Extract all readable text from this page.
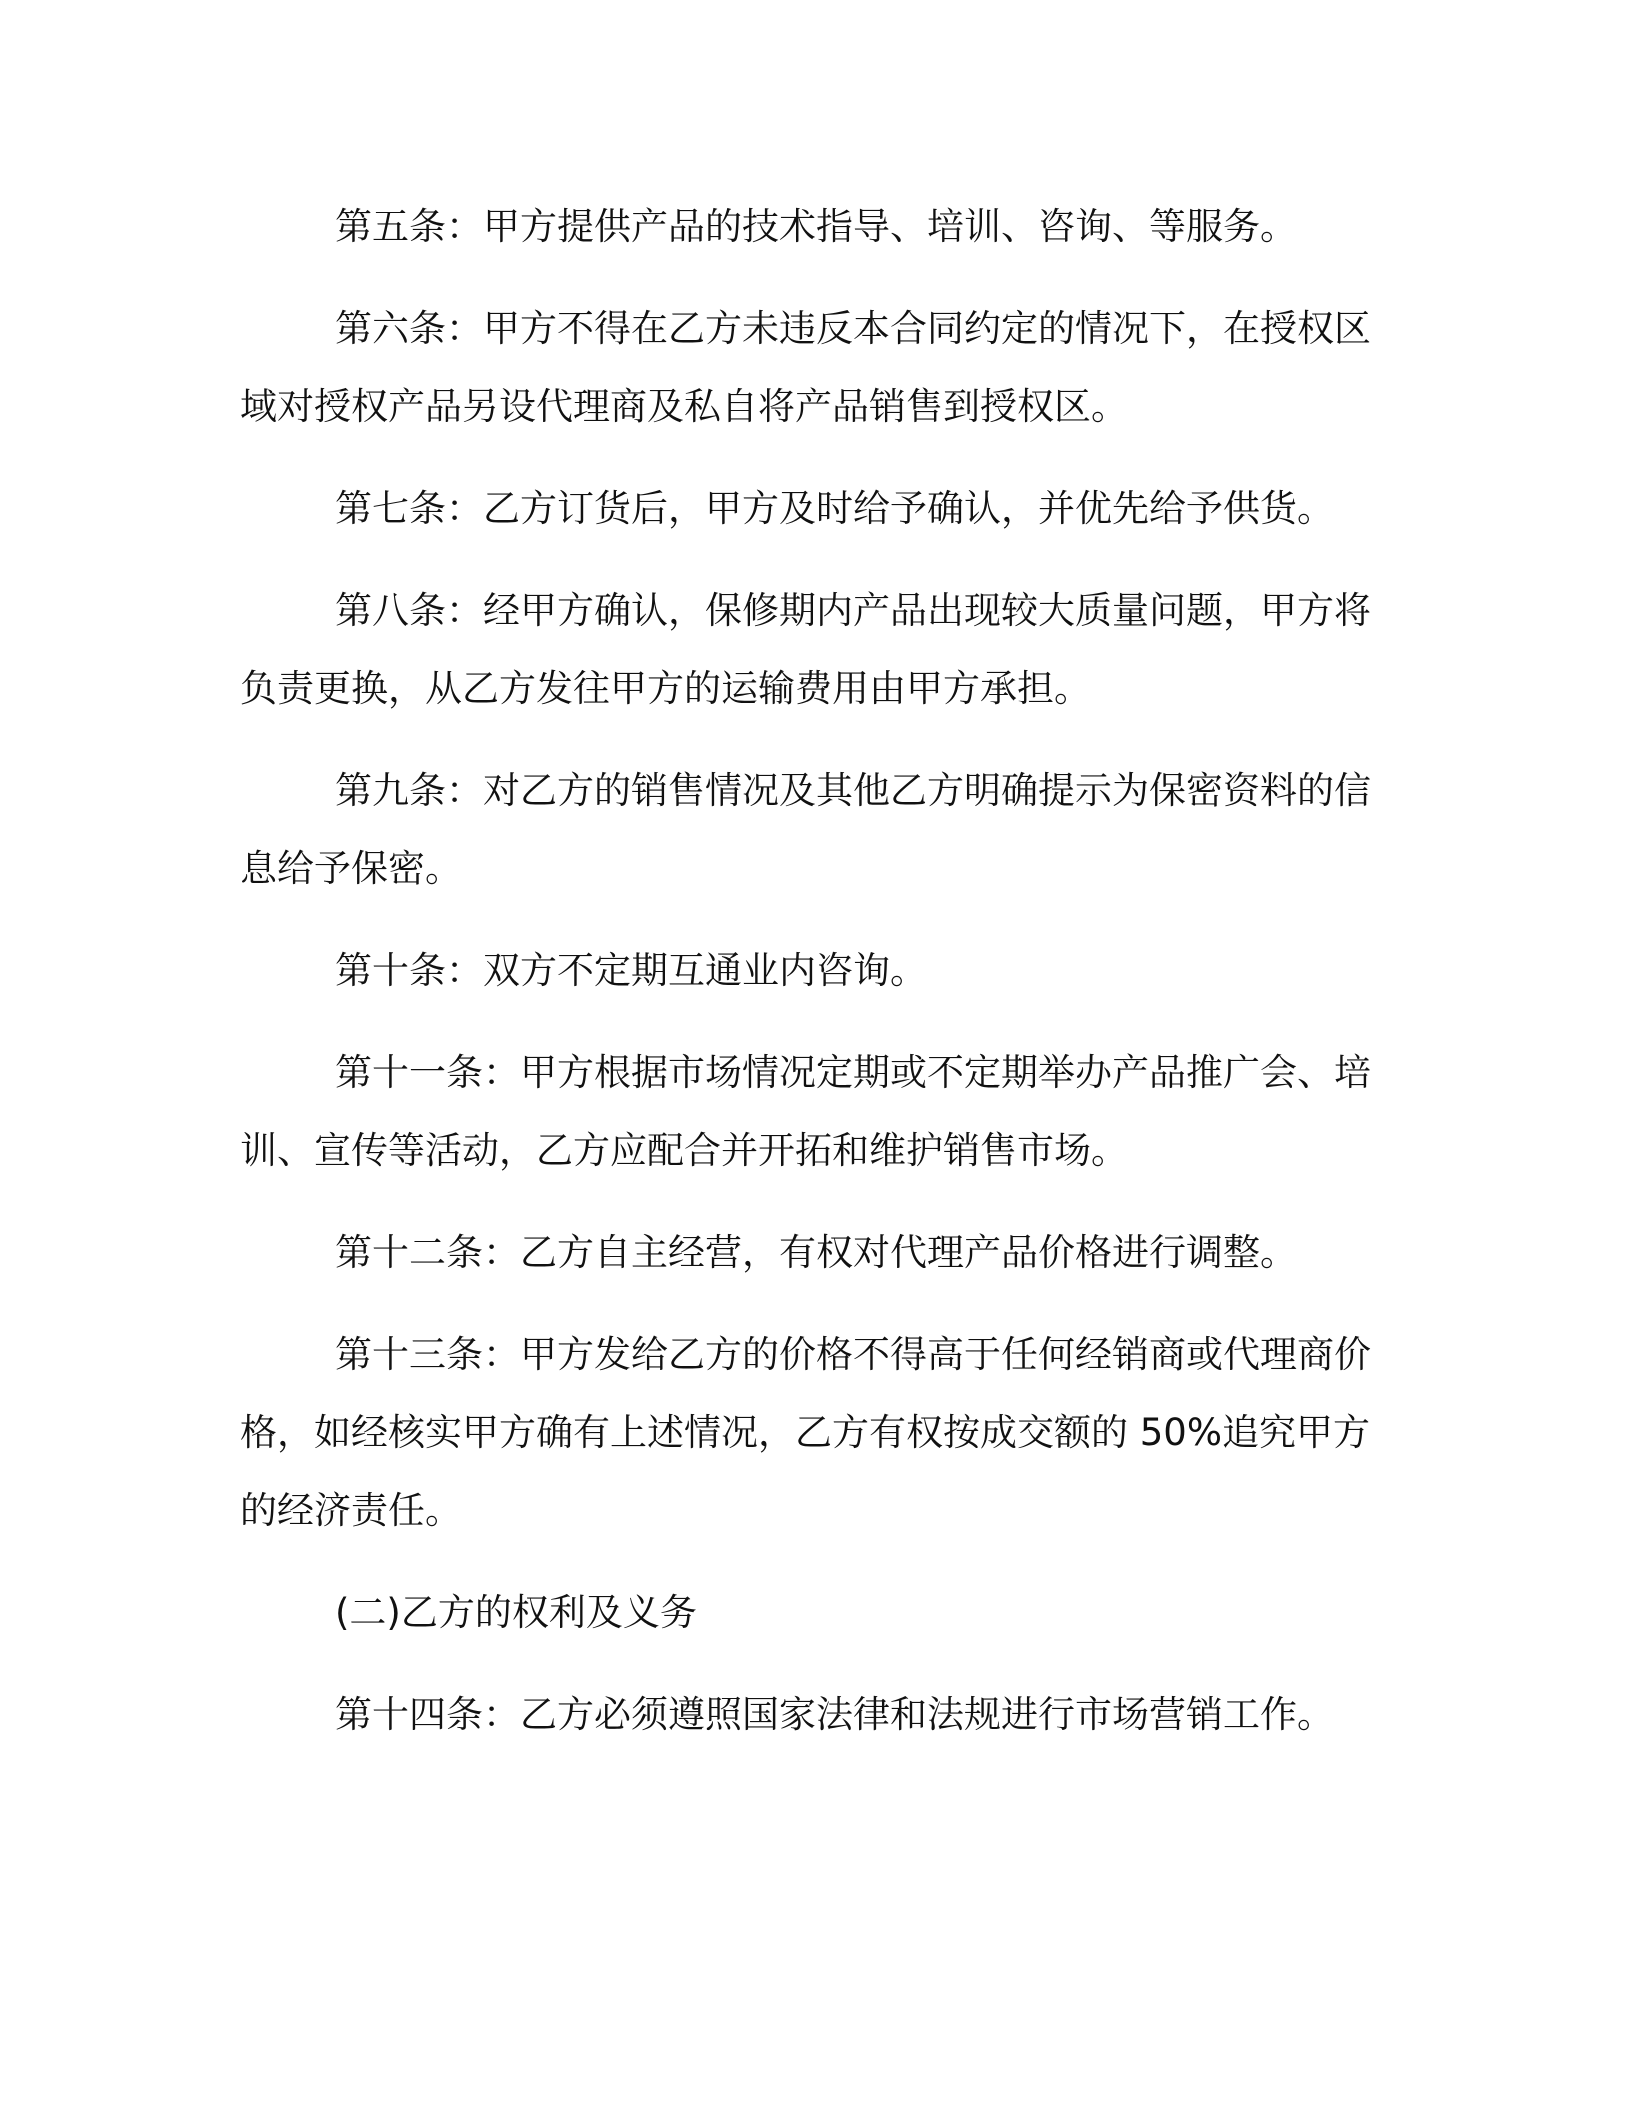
第五条：甲方提供产品的技术指导、培训、咨询、等服务。

第六条：甲方不得在乙方未违反本合同约定的情况下，在授权区域对授权产品另设代理商及私自将产品销售到授权区。

第七条：乙方订货后，甲方及时给予确认，并优先给予供货。

第八条：经甲方确认，保修期内产品出现较大质量问题，甲方将负责更换，从乙方发往甲方的运输费用由甲方承担。

第九条：对乙方的销售情况及其他乙方明确提示为保密资料的信息给予保密。

第十条：双方不定期互通业内咨询。

第十一条：甲方根据市场情况定期或不定期举办产品推广会、培训、宣传等活动，乙方应配合并开拓和维护销售市场。

第十二条：乙方自主经营，有权对代理产品价格进行调整。

第十三条：甲方发给乙方的价格不得高于任何经销商或代理商价格，如经核实甲方确有上述情况，乙方有权按成交额的 50%追究甲方的经济责任。

(二)乙方的权利及义务

第十四条：乙方必须遵照国家法律和法规进行市场营销工作。
